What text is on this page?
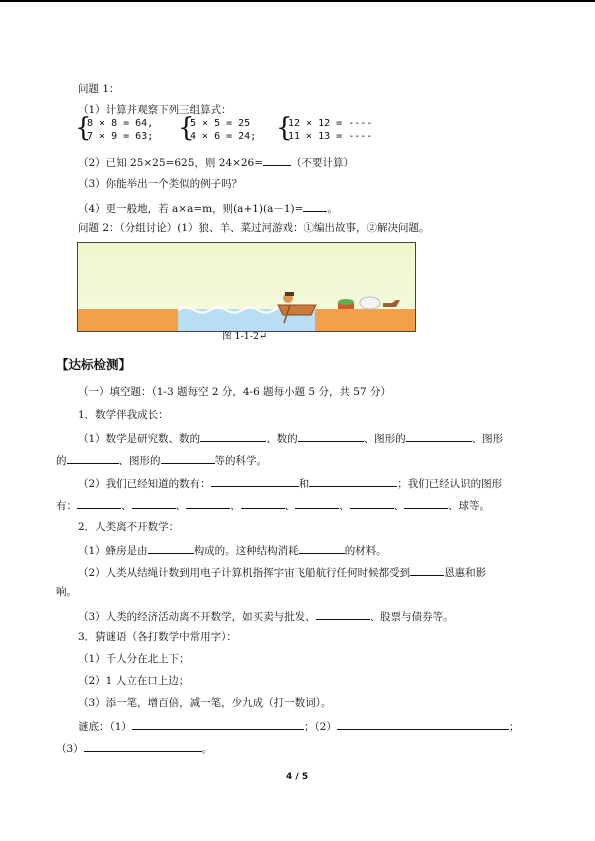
问题 1：
（1）计算并观察下列三组算式：
{
8 × 8 = 64,
7 × 9 = 63; {
5 × 5 = 25
4 × 6 = 24; {
12 × 12 = ----
11 × 13 = ----
（2）已知 25×25=625，则 24×26=	（不要计算）
（3）你能举出一个类似的例子吗？
（4）更一般地，若 a×a=m，则(a+1)(a－1)= 。
问题 2：（分组讨论）(1）狼、羊、菜过河游戏：①编出故事，②解决问题。
图 1-1-2↵
【达标检测】
（一）填空题：（1-3 题每空 2 分，4-6 题每小题 5 分，共 57 分）
1．数学伴我成长：
（1）数学是研究数、数的	、数的	、图形的	、图形
的	、图形的	等的科学。
（2）我们已经知道的数有：	和	；我们已经认识的图形
有：	、	、	、	、	、	、	、球等。
2．人类离不开数学：
（1）蜂房是由	构成的。这种结构消耗	的材料。
（2）人类从结绳计数到用电子计算机指挥宇宙飞船航行任何时候都受到	恩惠和影
响。
（3）人类的经济活动离不开数学，如买卖与批发、	、股票与债券等。
3．猜谜语（各打数学中常用字）：
（1）千人分在北上下；
（2）1 人立在口上边；
（3）添一笔，增百倍，减一笔，少九成（打一数词）。
谜底：（1）	；（2）	；
（3）	。
4 / 5
